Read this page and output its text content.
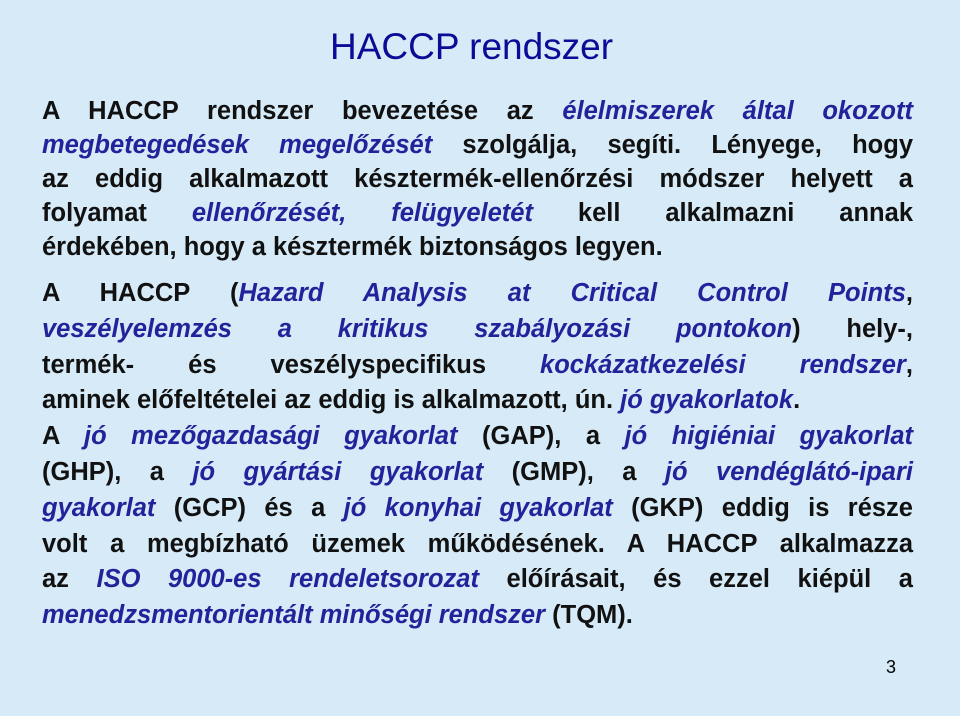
HACCP rendszer
A HACCP rendszer bevezetése az élelmiszerek által okozott
megbetegedések megelőzését szolgálja, segíti. Lényege, hogy
az eddig alkalmazott késztermék-ellenőrzési módszer helyett a
folyamat ellenőrzését, felügyeletét kell alkalmazni annak
érdekében, hogy a késztermék biztonságos legyen.
A HACCP (Hazard Analysis at Critical Control Points,
veszélyelemzés a kritikus szabályozási pontokon) hely-,
termék- és veszélyspecifikus kockázatkezelési rendszer,
aminek előfeltételei az eddig is alkalmazott, ún. jó gyakorlatok.
A jó mezőgazdasági gyakorlat (GAP), a jó higiéniai gyakorlat
(GHP), a jó gyártási gyakorlat (GMP), a jó vendéglátó-ipari
gyakorlat (GCP) és a jó konyhai gyakorlat (GKP) eddig is része
volt a megbízható üzemek működésének. A HACCP alkalmazza
az ISO 9000-es rendeletsorozat előírásait, és ezzel kiépül a
menedzsmentorientált minőségi rendszer (TQM).
3
